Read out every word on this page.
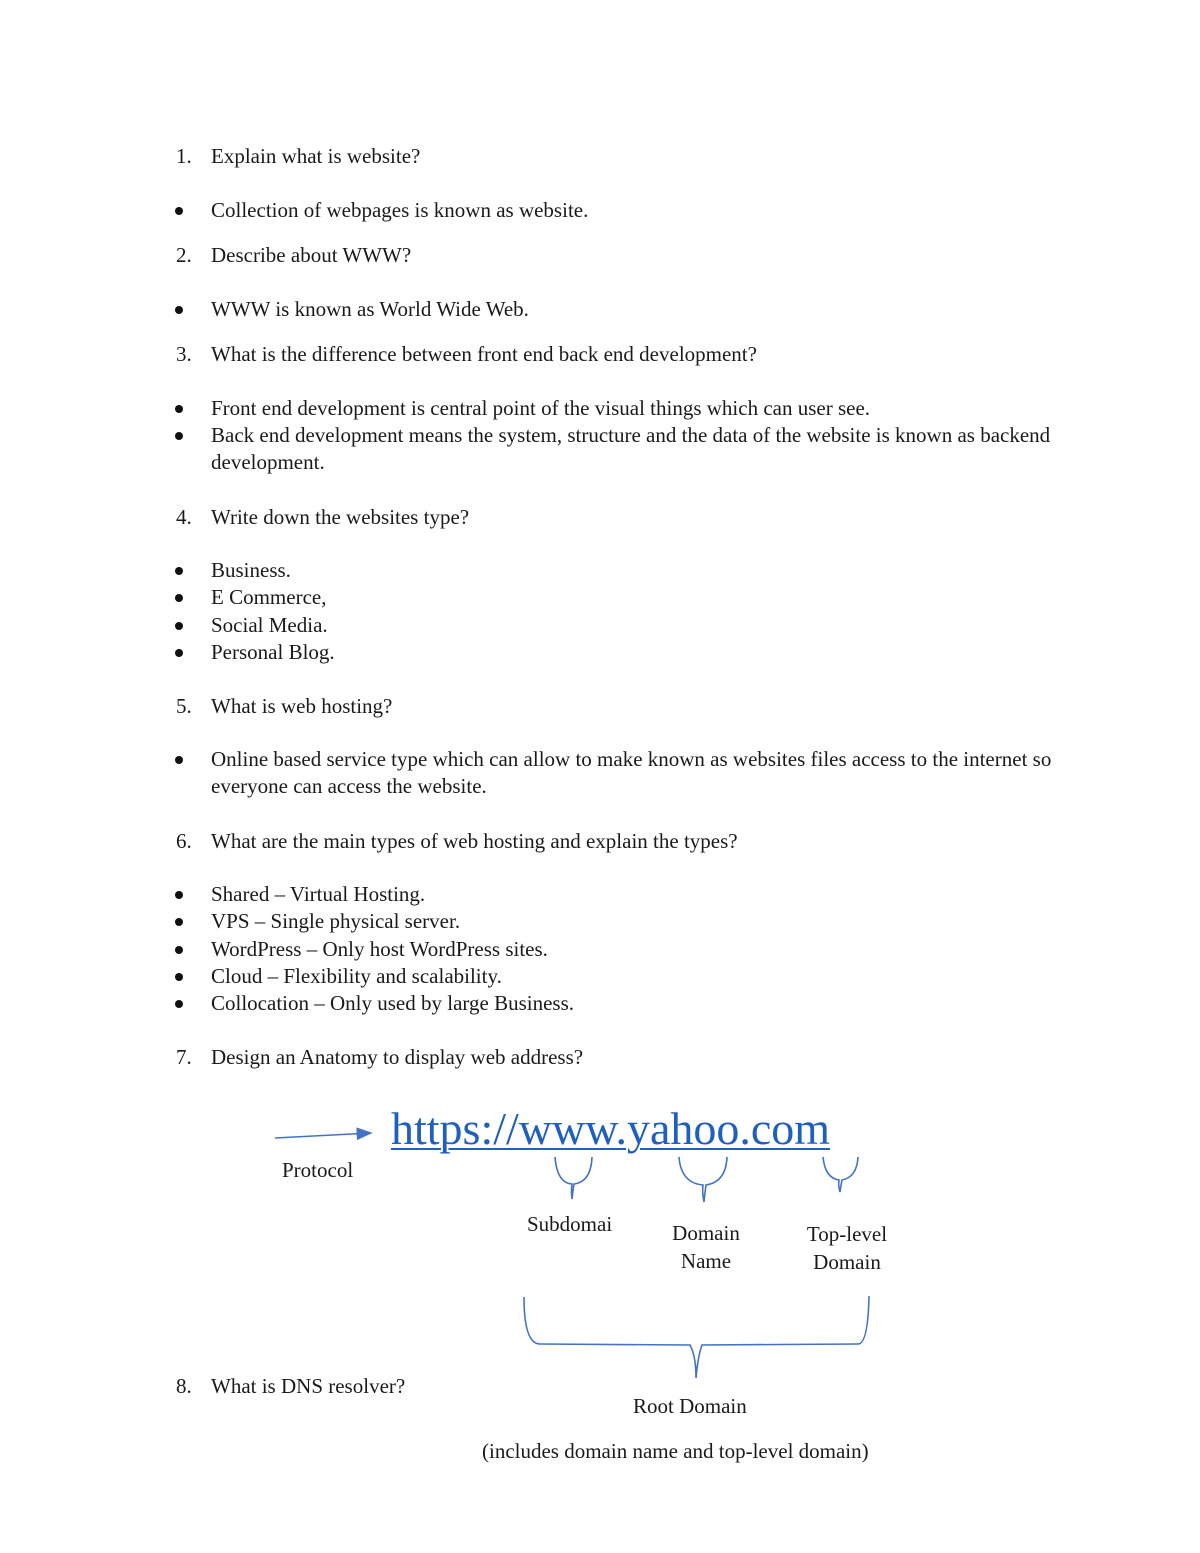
1. Explain what is website?
Collection of webpages is known as website.
2. Describe about WWW?
WWW is known as World Wide Web.
3. What is the difference between front end back end development?
Front end development is central point of the visual things which can user see.
Back end development means the system, structure and the data of the website is known as backend development.
4. Write down the websites type?
Business.
E Commerce,
Social Media.
Personal Blog.
5. What is web hosting?
Online based service type which can allow to make known as websites files access to the internet so everyone can access the website.
6. What are the main types of web hosting and explain the types?
Shared – Virtual Hosting.
VPS – Single physical server.
WordPress – Only host WordPress sites.
Cloud – Flexibility and scalability.
Collocation – Only used by large Business.
7. Design an Anatomy to display web address?
https://www.yahoo.com
Protocol
Subdomai	Domain
Name
Top-level
Domain
Root Domain
(includes domain name and top-level domain)
8. What is DNS resolver?
